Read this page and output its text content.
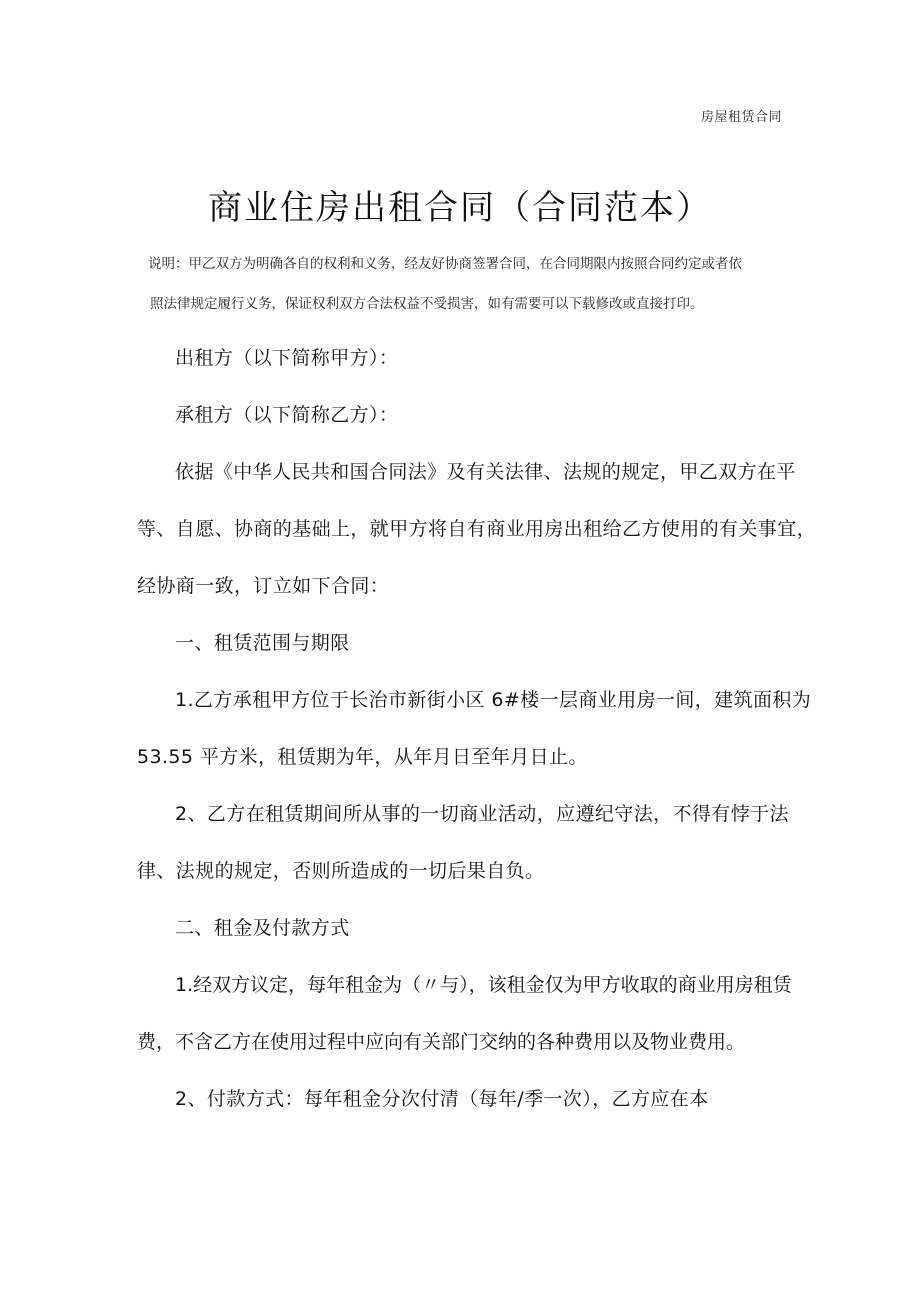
房屋租赁合同
商业住房出租合同（合同范本）
说明：甲乙双方为明确各自的权利和义务，经友好协商签署合同，在合同期限内按照合同约定或者依
照法律规定履行义务，保证权利双方合法权益不受损害，如有需要可以下载修改或直接打印。

出租方（以下简称甲方）：

承租方（以下简称乙方）：

依据《中华人民共和国合同法》及有关法律、法规的规定，甲乙双方在平等、自愿、协商的基础上，就甲方将自有商业用房出租给乙方使用的有关事宜，经协商一致，订立如下合同：

一、租赁范围与期限

1.乙方承租甲方位于长治市新街小区 6#楼一层商业用房一间，建筑面积为 53.55 平方米，租赁期为年，从年月日至年月日止。

2、乙方在租赁期间所从事的一切商业活动，应遵纪守法，不得有悖于法律、法规的规定，否则所造成的一切后果自负。

二、租金及付款方式

1.经双方议定，每年租金为（〃与），该租金仅为甲方收取的商业用房租赁费，不含乙方在使用过程中应向有关部门交纳的各种费用以及物业费用。

2、付款方式：每年租金分次付清（每年/季一次），乙方应在本
